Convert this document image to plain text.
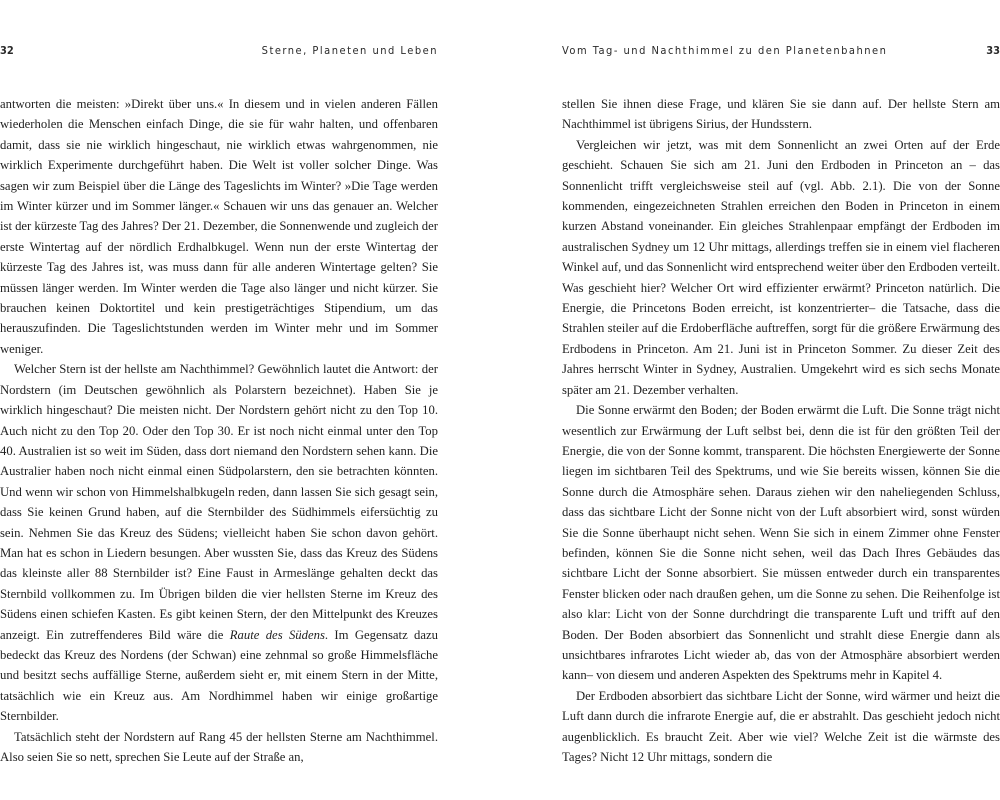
32	Sterne, Planeten und Leben

antworten die meisten: »Direkt über uns.« In diesem und in vielen anderen Fällen wiederholen die Menschen einfach Dinge, die sie für wahr halten, und offenbaren damit, dass sie nie wirklich hingeschaut, nie wirklich etwas wahrgenommen, nie wirklich Experimente durchgeführt haben. Die Welt ist voller solcher Dinge. Was sagen wir zum Beispiel über die Länge des Tageslichts im Winter? »Die Tage werden im Winter kürzer und im Sommer länger.« Schauen wir uns das genauer an. Welcher ist der kürzeste Tag des Jahres? Der 21. Dezember, die Sonnenwende und zugleich der erste Wintertag auf der nördlich Erdhalbkugel. Wenn nun der erste Wintertag der kürzeste Tag des Jahres ist, was muss dann für alle anderen Wintertage gelten? Sie müssen länger werden. Im Winter werden die Tage also länger und nicht kürzer. Sie brauchen keinen Doktortitel und kein prestigeträchtiges Stipendium, um das herauszufinden. Die Tageslichtstunden werden im Winter mehr und im Sommer weniger.

Welcher Stern ist der hellste am Nachthimmel? Gewöhnlich lautet die Antwort: der Nordstern (im Deutschen gewöhnlich als Polarstern bezeichnet). Haben Sie je wirklich hingeschaut? Die meisten nicht. Der Nordstern gehört nicht zu den Top 10. Auch nicht zu den Top 20. Oder den Top 30. Er ist noch nicht einmal unter den Top 40. Australien ist so weit im Süden, dass dort niemand den Nordstern sehen kann. Die Australier haben noch nicht einmal einen Südpolarstern, den sie betrachten könnten. Und wenn wir schon von Himmelshalbkugeln reden, dann lassen Sie sich gesagt sein, dass Sie keinen Grund haben, auf die Sternbilder des Südhimmels eifersüchtig zu sein. Nehmen Sie das Kreuz des Südens; vielleicht haben Sie schon davon gehört. Man hat es schon in Liedern besungen. Aber wussten Sie, dass das Kreuz des Südens das kleinste aller 88 Sternbilder ist? Eine Faust in Armeslänge gehalten deckt das Sternbild vollkommen zu. Im Übrigen bilden die vier hellsten Sterne im Kreuz des Südens einen schiefen Kasten. Es gibt keinen Stern, der den Mittelpunkt des Kreuzes anzeigt. Ein zutreffenderes Bild wäre die Raute des Südens. Im Gegensatz dazu bedeckt das Kreuz des Nordens (der Schwan) eine zehnmal so große Himmelsfläche und besitzt sechs auffällige Sterne, außerdem sieht er, mit einem Stern in der Mitte, tatsächlich wie ein Kreuz aus. Am Nordhimmel haben wir einige großartige Sternbilder.

Tatsächlich steht der Nordstern auf Rang 45 der hellsten Sterne am Nachthimmel. Also seien Sie so nett, sprechen Sie Leute auf der Straße an,

Vom Tag- und Nachthimmel zu den Planetenbahnen	33

stellen Sie ihnen diese Frage, und klären Sie sie dann auf. Der hellste Stern am Nachthimmel ist übrigens Sirius, der Hundsstern.

Vergleichen wir jetzt, was mit dem Sonnenlicht an zwei Orten auf der Erde geschieht. Schauen Sie sich am 21. Juni den Erdboden in Princeton an – das Sonnenlicht trifft vergleichsweise steil auf (vgl. Abb. 2.1). Die von der Sonne kommenden, eingezeichneten Strahlen erreichen den Boden in Princeton in einem kurzen Abstand voneinander. Ein gleiches Strahlenpaar empfängt der Erdboden im australischen Sydney um 12 Uhr mittags, allerdings treffen sie in einem viel flacheren Winkel auf, und das Sonnenlicht wird entsprechend weiter über den Erdboden verteilt. Was geschieht hier? Welcher Ort wird effizienter erwärmt? Princeton natürlich. Die Energie, die Princetons Boden erreicht, ist konzentrierter– die Tatsache, dass die Strahlen steiler auf die Erdoberfläche auftreffen, sorgt für die größere Erwärmung des Erdbodens in Princeton. Am 21. Juni ist in Princeton Sommer. Zu dieser Zeit des Jahres herrscht Winter in Sydney, Australien. Umgekehrt wird es sich sechs Monate später am 21. Dezember verhalten.

Die Sonne erwärmt den Boden; der Boden erwärmt die Luft. Die Sonne trägt nicht wesentlich zur Erwärmung der Luft selbst bei, denn die ist für den größten Teil der Energie, die von der Sonne kommt, transparent. Die höchsten Energiewerte der Sonne liegen im sichtbaren Teil des Spektrums, und wie Sie bereits wissen, können Sie die Sonne durch die Atmosphäre sehen. Daraus ziehen wir den naheliegenden Schluss, dass das sichtbare Licht der Sonne nicht von der Luft absorbiert wird, sonst würden Sie die Sonne überhaupt nicht sehen. Wenn Sie sich in einem Zimmer ohne Fenster befinden, können Sie die Sonne nicht sehen, weil das Dach Ihres Gebäudes das sichtbare Licht der Sonne absorbiert. Sie müssen entweder durch ein transparentes Fenster blicken oder nach draußen gehen, um die Sonne zu sehen. Die Reihenfolge ist also klar: Licht von der Sonne durchdringt die transparente Luft und trifft auf den Boden. Der Boden absorbiert das Sonnenlicht und strahlt diese Energie dann als unsichtbares infrarotes Licht wieder ab, das von der Atmosphäre absorbiert werden kann– von diesem und anderen Aspekten des Spektrums mehr in Kapitel 4.

Der Erdboden absorbiert das sichtbare Licht der Sonne, wird wärmer und heizt die Luft dann durch die infrarote Energie auf, die er abstrahlt. Das geschieht jedoch nicht augenblicklich. Es braucht Zeit. Aber wie viel? Welche Zeit ist die wärmste des Tages? Nicht 12 Uhr mittags, sondern die
